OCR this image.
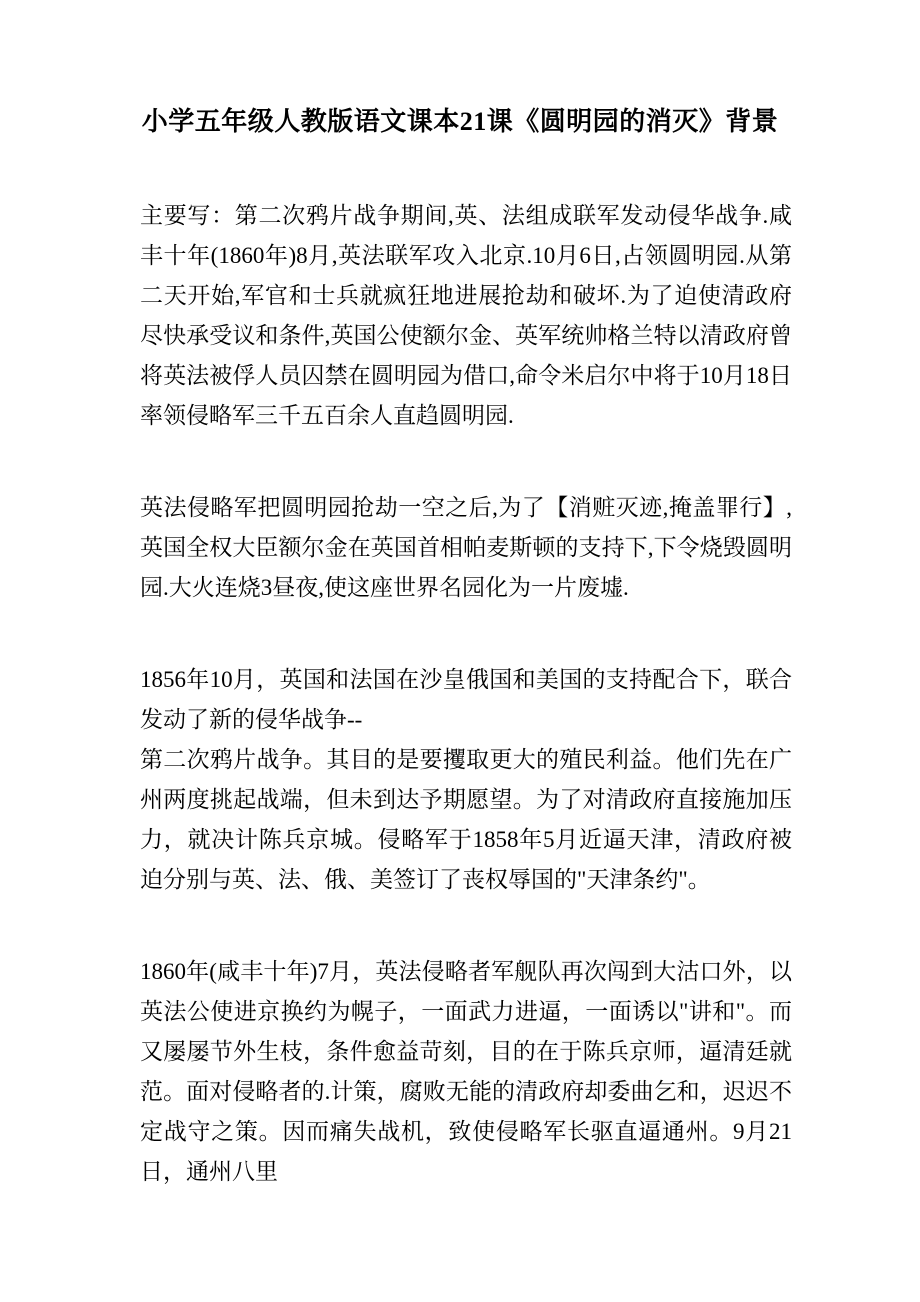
小学五年级人教版语文课本21课《圆明园的消灭》背景

主要写：第二次鸦片战争期间,英、法组成联军发动侵华战争.咸丰十年(1860年)8月,英法联军攻入北京.10月6日,占领圆明园.从第二天开始,军官和士兵就疯狂地进展抢劫和破坏.为了迫使清政府尽快承受议和条件,英国公使额尔金、英军统帅格兰特以清政府曾将英法被俘人员囚禁在圆明园为借口,命令米启尔中将于10月18日率领侵略军三千五百余人直趋圆明园.

英法侵略军把圆明园抢劫一空之后,为了【消赃灭迹,掩盖罪行】,英国全权大臣额尔金在英国首相帕麦斯顿的支持下,下令烧毁圆明园.大火连烧3昼夜,使这座世界名园化为一片废墟.

1856年10月，英国和法国在沙皇俄国和美国的支持配合下，联合发动了新的侵华战争--
第二次鸦片战争。其目的是要攫取更大的殖民利益。他们先在广州两度挑起战端，但未到达予期愿望。为了对清政府直接施加压力，就决计陈兵京城。侵略军于1858年5月近逼天津，清政府被迫分别与英、法、俄、美签订了丧权辱国的"天津条约"。

1860年(咸丰十年)7月，英法侵略者军舰队再次闯到大沽口外，以英法公使进京换约为幌子，一面武力进逼，一面诱以"讲和"。而又屡屡节外生枝，条件愈益苛刻，目的在于陈兵京师，逼清廷就范。面对侵略者的.计策，腐败无能的清政府却委曲乞和，迟迟不定战守之策。因而痛失战机，致使侵略军长驱直逼通州。9月21日，通州八里
